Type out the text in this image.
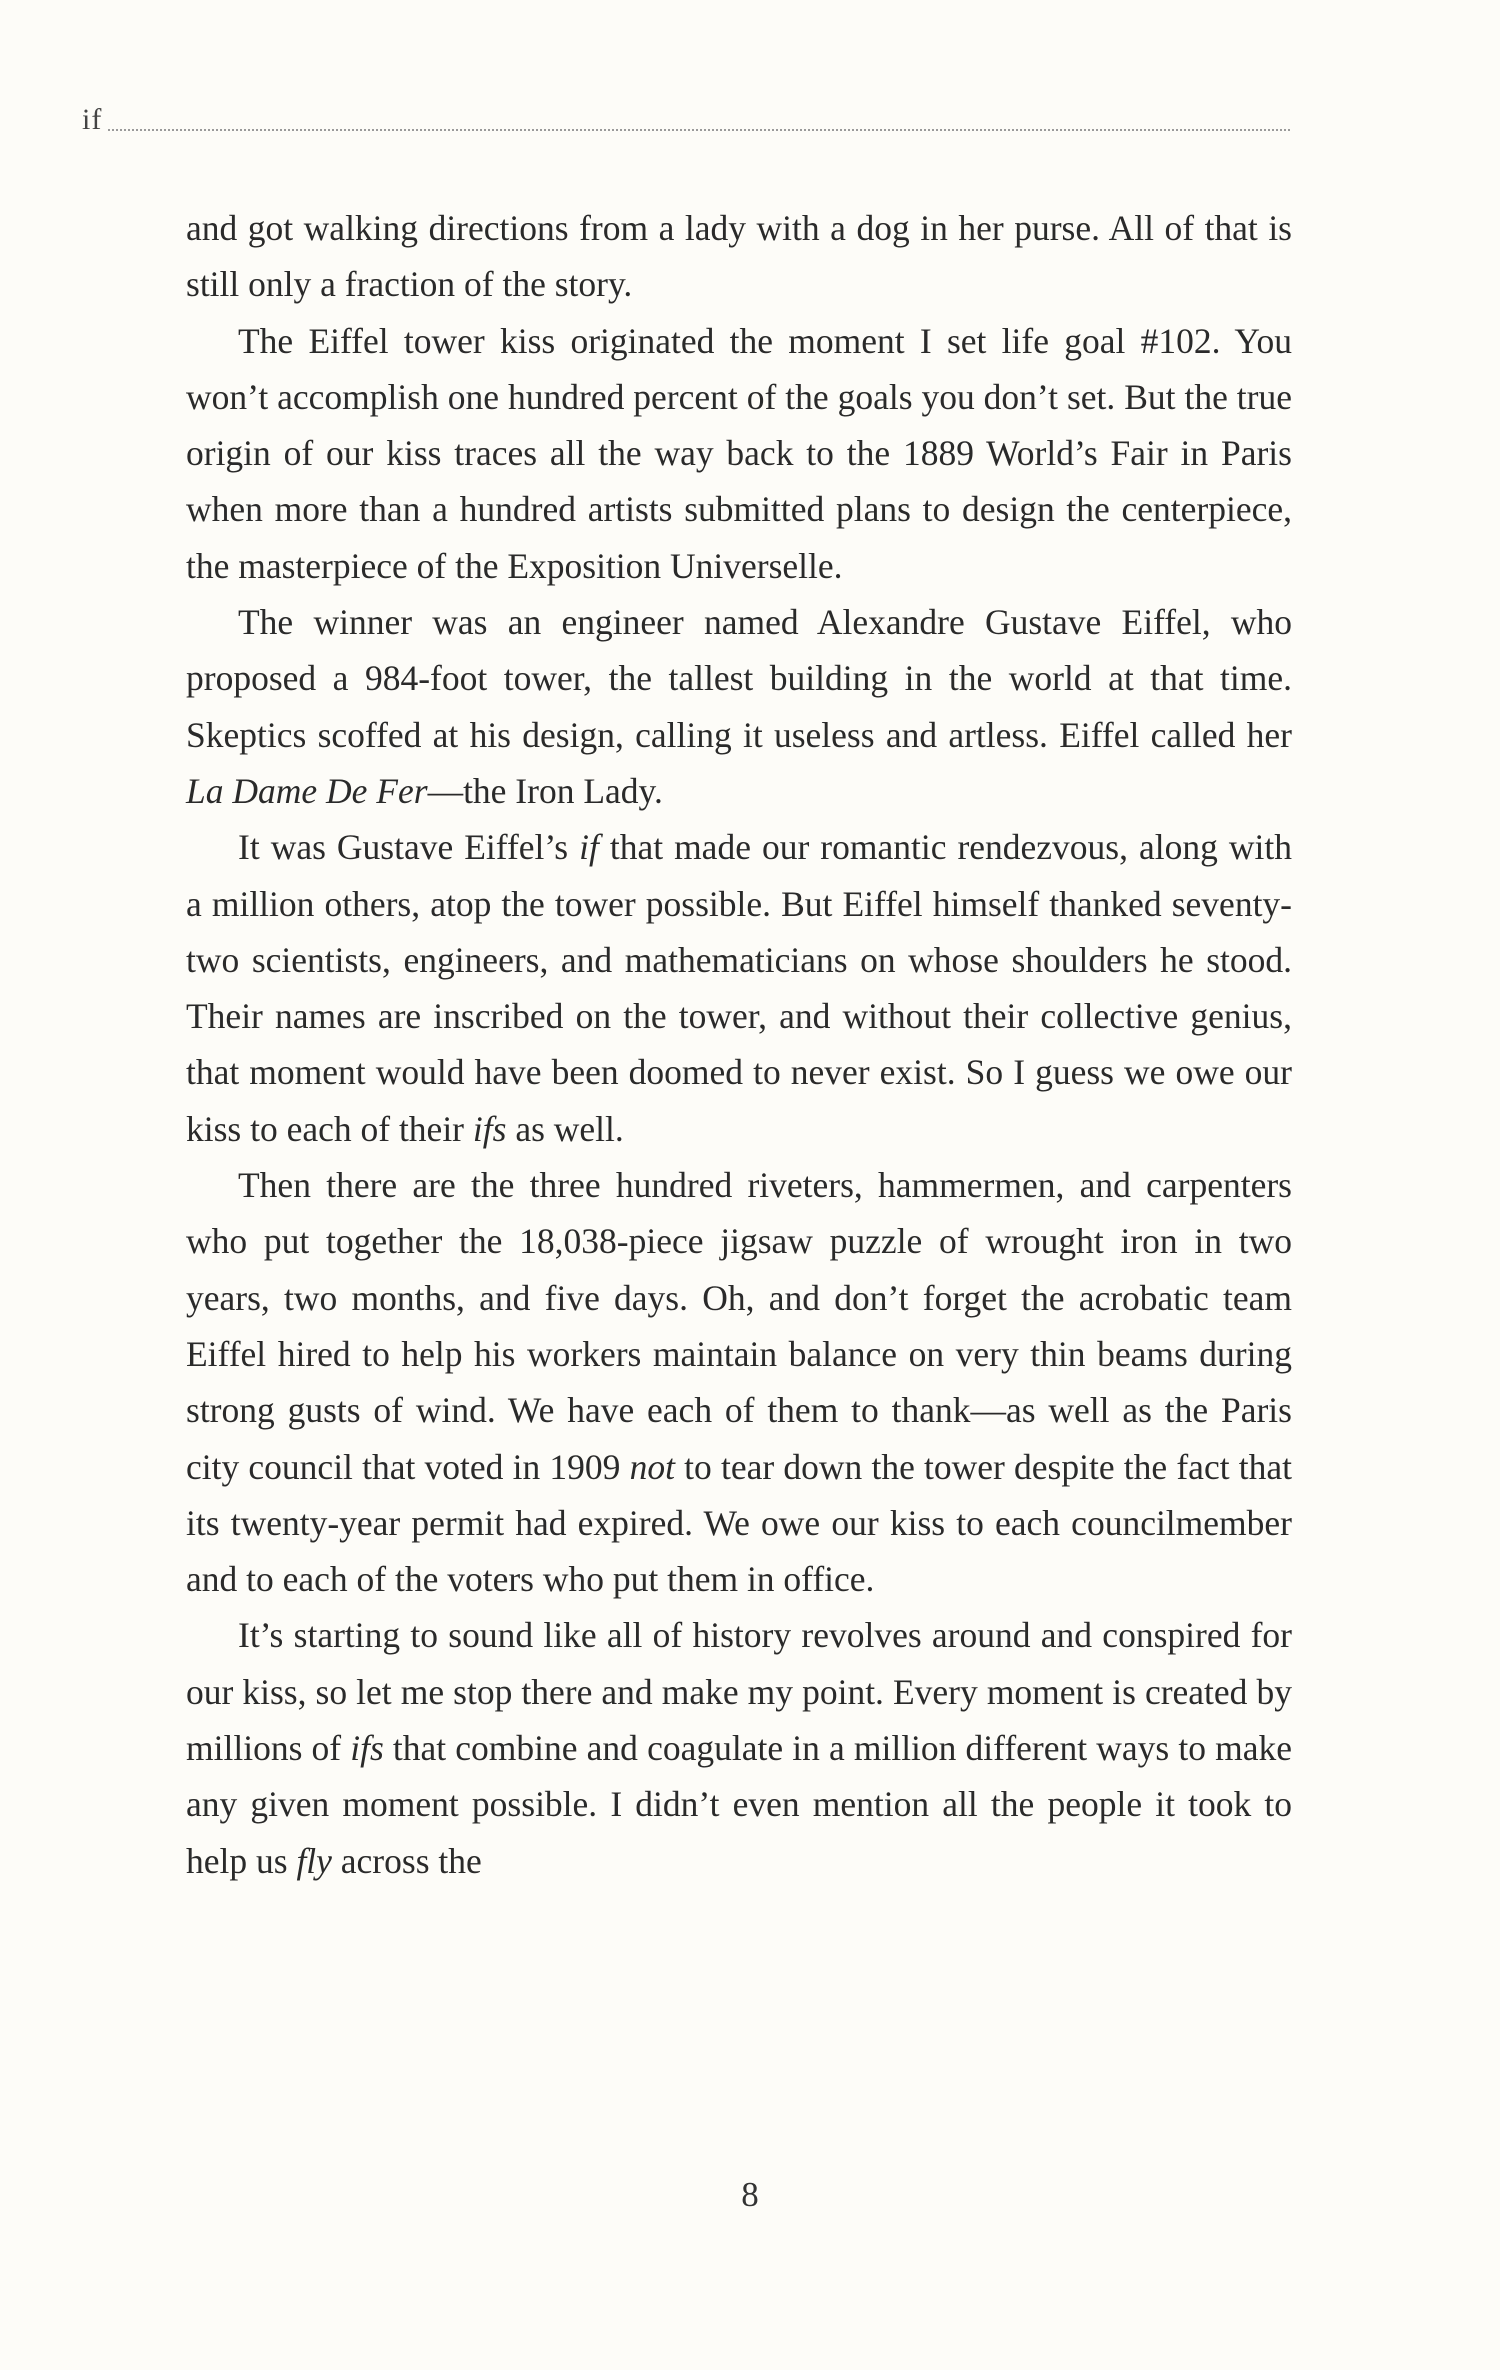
if

and got walking directions from a lady with a dog in her purse. All of that is still only a fraction of the story.

The Eiffel tower kiss originated the moment I set life goal #102. You won’t accomplish one hundred percent of the goals you don’t set. But the true origin of our kiss traces all the way back to the 1889 World’s Fair in Paris when more than a hundred artists submitted plans to design the centerpiece, the masterpiece of the Exposition Universelle.

The winner was an engineer named Alexandre Gustave Eiffel, who proposed a 984-foot tower, the tallest building in the world at that time. Skeptics scoffed at his design, calling it useless and artless. Eiffel called her La Dame De Fer—the Iron Lady.

It was Gustave Eiffel’s if that made our romantic rendezvous, along with a million others, atop the tower possible. But Eiffel himself thanked seventy-two scientists, engineers, and mathematicians on whose shoulders he stood. Their names are inscribed on the tower, and without their collective genius, that moment would have been doomed to never exist. So I guess we owe our kiss to each of their ifs as well.

Then there are the three hundred riveters, hammermen, and carpenters who put together the 18,038-piece jigsaw puzzle of wrought iron in two years, two months, and five days. Oh, and don’t forget the acrobatic team Eiffel hired to help his workers maintain balance on very thin beams during strong gusts of wind. We have each of them to thank—as well as the Paris city council that voted in 1909 not to tear down the tower despite the fact that its twenty-year permit had expired. We owe our kiss to each councilmember and to each of the voters who put them in office.

It’s starting to sound like all of history revolves around and conspired for our kiss, so let me stop there and make my point. Every moment is created by millions of ifs that combine and coagulate in a million different ways to make any given moment possible. I didn’t even mention all the people it took to help us fly across the

8
